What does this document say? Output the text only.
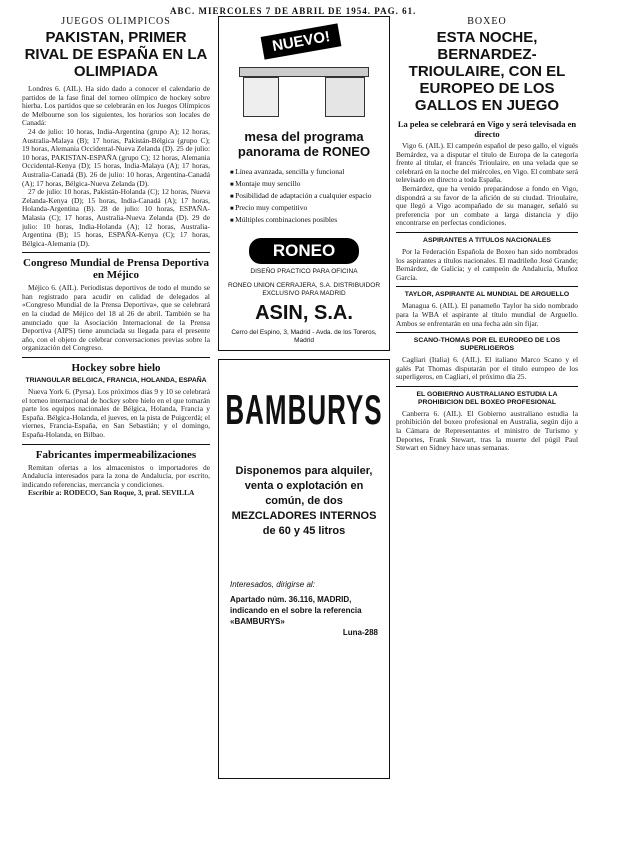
ABC. MIERCOLES 7 DE ABRIL DE 1954. PAG. 61.
JUEGOS OLIMPICOS
PAKISTAN, PRIMER RIVAL DE ESPAÑA EN LA OLIMPIADA

Londres 6. (AIL). Ha sido dado a conocer el calendario de partidos de la fase final del torneo olímpico de hockey sobre hierba. Los partidos que se celebrarán en los Juegos Olímpicos de Melbourne son los siguientes, los horarios son locales de Canadá:

24 de julio: 10 horas, India-Argentina (grupo A); 12 horas, Australia-Malaya (B); 17 horas, Pakistán-Bélgica (grupo C); 19 horas, Alemania Occidental-Nueva Zelanda (D). 25 de julio: 10 horas, PAKISTAN-ESPAÑA (grupo C); 12 horas, Alemania Occidental-Kenya (D); 15 horas, India-Malaya (A); 17 horas, Australia-Canadá (B). 26 de julio: 10 horas, Argentina-Canadá (A); 17 horas, Bélgica-Nueva Zelanda (D).

27 de julio: 10 horas, Pakistán-Holanda (C); 12 horas, Nueva Zelanda-Kenya (D); 15 horas, India-Canadá (A); 17 horas, Holanda-Argentina (B). 28 de julio: 10 horas, ESPAÑA-Malasia (C); 17 horas, Australia-Nueva Zelanda (D). 29 de julio: 10 horas, India-Holanda (A); 12 horas, Australia-Argentina (B); 15 horas, ESPAÑA-Kenya (C); 17 horas, Bélgica-Alemania (D).

Congreso Mundial de Prensa Deportiva en Méjico

Méjico 6. (AIL). Periodistas deportivos de todo el mundo se han registrado para acudir en calidad de delegados al «Congreso Mundial de la Prensa Deportiva», que se celebrará en la ciudad de Méjico del 18 al 26 de abril. También se ha anunciado que la Asociación Internacional de la Prensa Deportiva (AIPS) tiene anunciada su llegada para el presente año, con el objeto de celebrar conversaciones previas sobre la organización del Congreso.

Hockey sobre hielo
TRIANGULAR BELGICA, FRANCIA, HOLANDA, ESPAÑA

Nueva York 6. (Pyrsa). Los próximos días 9 y 10 se celebrará el torneo internacional de hockey sobre hielo en el que tomarán parte los equipos nacionales de Bélgica, Holanda, Francia y España. Bélgica-Holanda, el jueves, en la pista de Puigcerdà; el viernes, Francia-España, en San Sebastián; y el domingo, España-Holanda, en Bilbao.

Fabricantes impermeabilizaciones

Remitan ofertas a los almacenistos o importadores de Andalucía interesados para la zona de Andalucía, por escrito, indicando referencias, mercancía y condiciones.

Escribir a: RODECO, San Roque, 3, pral. SEVILLA

NUEVO!
mesa del programa panorama de RONEO
■ Línea avanzada, sencilla y funcional
■ Montaje muy sencillo
■ Posibilidad de adaptación a cualquier espacio
■ Precio muy competitivo
■ Múltiples combinaciones posibles
RONEO
DISEÑO PRACTICO PARA OFICINA
RONEO UNION CERRAJERA, S.A. DISTRIBUIDOR EXCLUSIVO PARA MADRID
ASIN, S.A.
Cerro del Espino, 3, Madrid - Avda. de los Toreros, Madrid
BAMBURYS
Disponemos para alquiler, venta o explotación en común, de dos MEZCLADORES INTERNOS de 60 y 45 litros
Interesados, dirigirse al:
Apartado núm. 36.116, MADRID, indicando en el sobre la referencia «BAMBURYS»
Luna-288
BOXEO
ESTA NOCHE, BERNARDEZ-TRIOULAIRE, CON EL EUROPEO DE LOS GALLOS EN JUEGO
La pelea se celebrará en Vigo y será televisada en directo

Vigo 6. (AIL). El campeón español de peso gallo, el vigués Bernárdez, va a disputar el título de Europa de la categoría frente al titular, el francés Trioulaire, en una velada que se celebrará en la noche del miércoles, en Vigo. El combate será televisado en directo a toda España.

Bernárdez, que ha venido preparándose a fondo en Vigo, dispondrá a su favor de la afición de su ciudad. Trioulaire, que llegó a Vigo acompañado de su manager, señaló su preferencia por un combate a larga distancia y dijo encontrarse en perfectas condiciones.

ASPIRANTES A TITULOS NACIONALES

Por la Federación Española de Boxeo han sido nombrados los aspirantes a títulos nacionales. El madrileño José Grande; Bernárdez, de Galicia; y el campeón de Andalucía, Muñoz García.

TAYLOR, ASPIRANTE AL MUNDIAL DE ARGUELLO

Managua 6. (AIL). El panameño Taylor ha sido nombrado para la WBA el aspirante al título mundial de Arguello. Ambos se enfrentarán en una fecha aún sin fijar.

SCANO-THOMAS POR EL EUROPEO DE LOS SUPERLIGEROS

Cagliari (Italia) 6. (AIL). El italiano Marco Scano y el galés Pat Thomas disputarán por el título europeo de los superligeros, en Cagliari, el próximo día 25.

EL GOBIERNO AUSTRALIANO ESTUDIA LA PROHIBICION DEL BOXEO PROFESIONAL

Canberra 6. (AIL). El Gobierno australiano estudia la prohibición del boxeo profesional en Australia, según dijo a la Cámara de Representantes el ministro de Turismo y Deportes, Frank Stewart, tras la muerte del púgil Paul Stewart en Sidney hace unas semanas.
